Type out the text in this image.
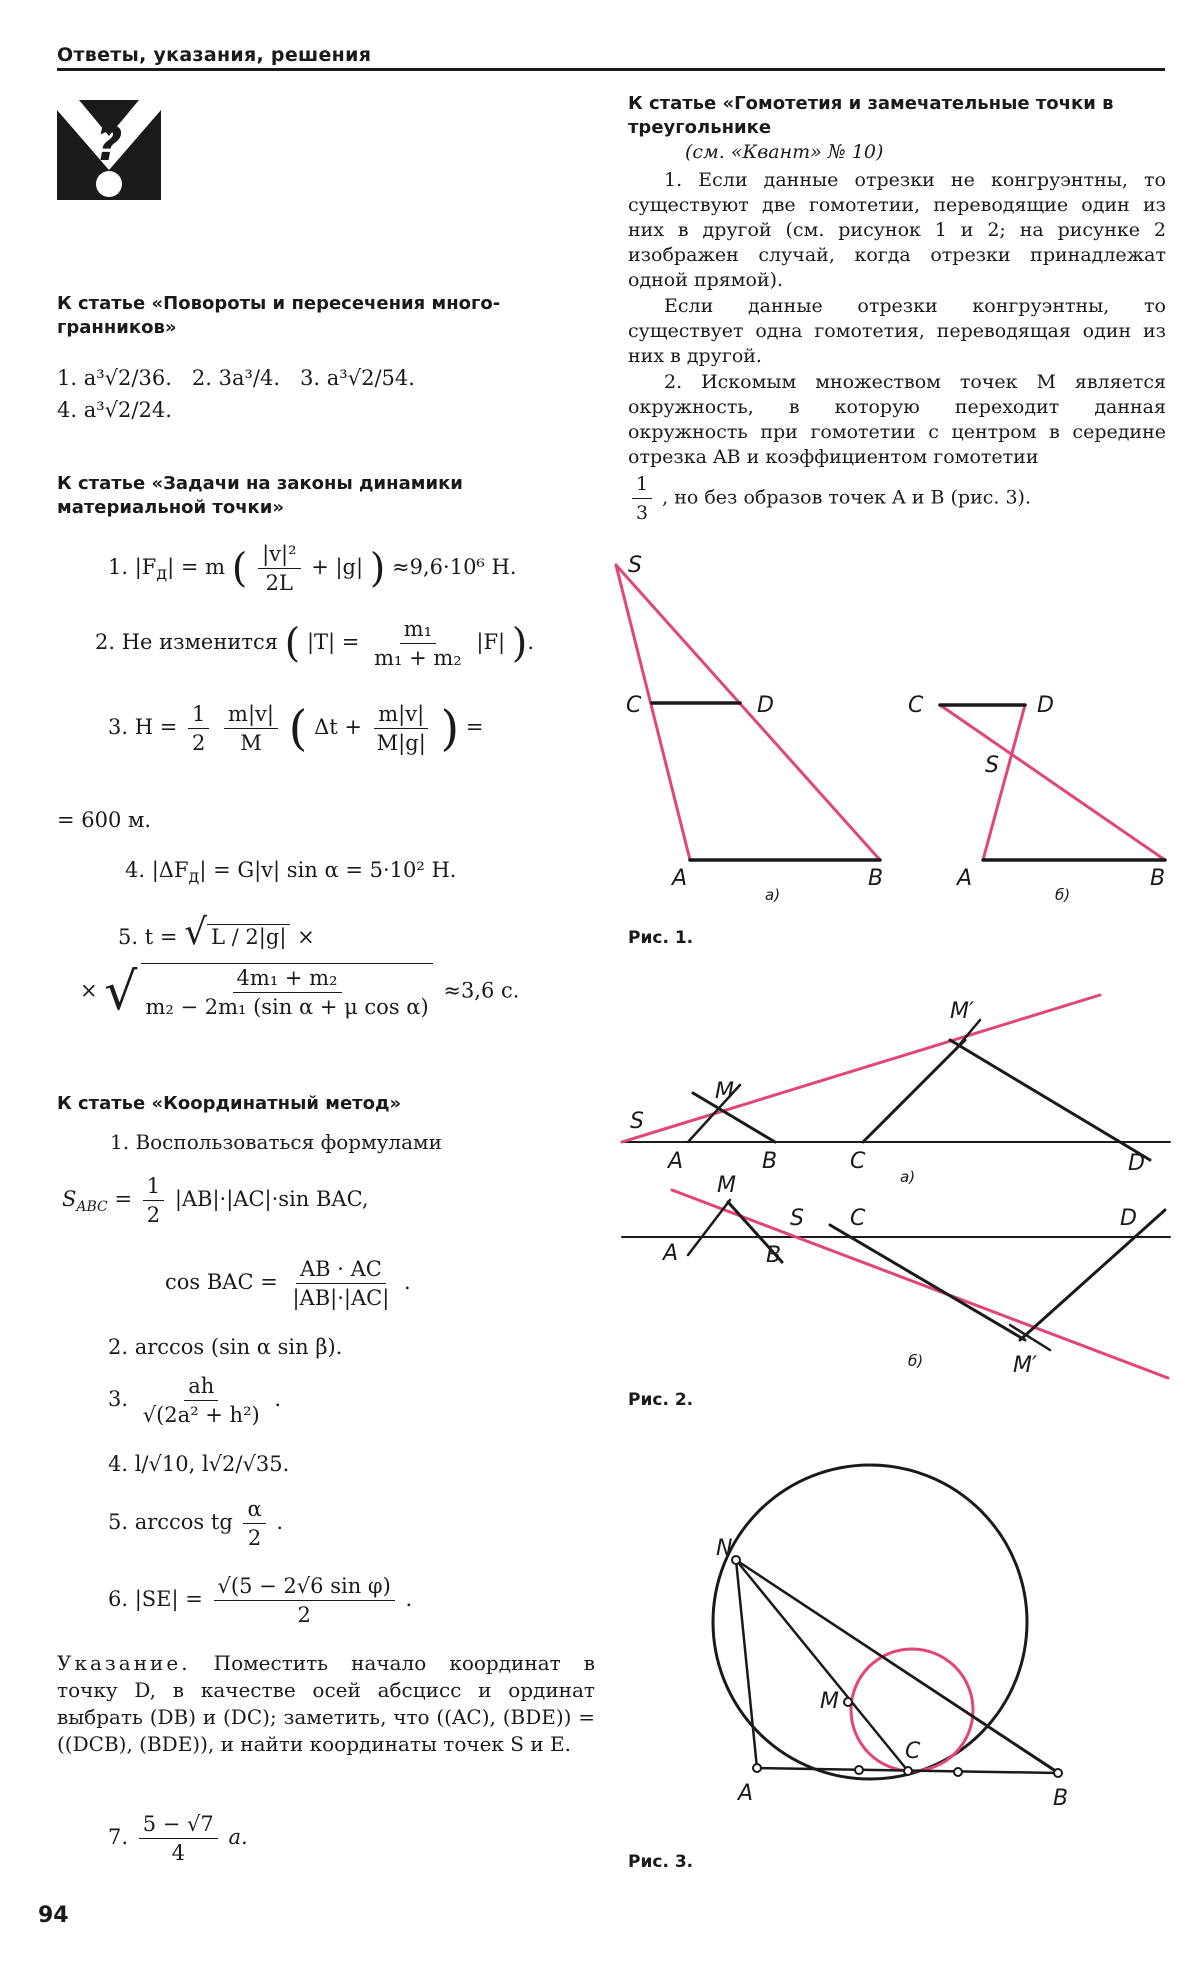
Ответы, указания, решения
?
К статье «Повороты и пересечения много-гранников»
1. a³√2/36. 2. 3a³/4. 3. a³√2/54.
4. a³√2/24.
К статье «Задачи на законы динамики материальной точки»
1. $|F_д| = m$ ( $\frac{\text{|v|²}}{2L} + |g|$ ) ≈9,6·10⁶ Н.
2. Не изменится ( $|T| = \frac{\text{m₁}}{\text{m₁ + m₂}} |F|$ ).
3. $H = \frac{1}{2}$
$\frac{m|v|}{M}$ ( $\Delta t + \frac{m|v|}{M|g|}$ ) =
= 600 м.
4. $|\Delta F_д| = G|v|$ sin α = 5·10² Н.
5. t = √ L / 2|g| ×
× √ $\frac{\text{4m₁ + m₂}}{\text{m₂ − 2m₁ (sin α + μ cos α)}} \approx 3,6$ с.
К статье «Координатный метод»
1. Воспользоваться формулами
$S_{ABC} = \frac{1}{2} |AB|\cdot|AC|\cdot\sin$ BAC,
cos BAC = $\frac{AB \cdot AC}{|AB|\cdot|AC|}$ .
2. arccos (sin α sin β).
3. $\frac{ah}{\text{√(2a² + h²)}}$ .
4. l/√10, l√2/√35.
5. arccos tg $\frac{\alpha}{2}$ .
6. $|SE| = \frac{\text{√(5 − 2√6 sin φ)}}{2}$ .
Указание. Поместить начало координат в точку D, в качестве осей абсцисс и ординат выбрать (DB) и (DC); заметить, что ((AC), (BDE)) = ((DCB), (BDE)), и найти координаты точек S и E.
7. $\frac{5 - √7}{4} a$.
94
К статье «Гомотетия и замечательные точки в треугольнике
(см. «Квант» № 10)
1. Если данные отрезки не конгруэнтны, то существуют две гомотетии, переводящие один из них в другой (см. рисунок 1 и 2; на рисунке 2 изображен случай, когда отрезки принадлежат одной прямой).
Если данные отрезки конгруэнтны, то существует одна гомотетия, переводящая один из них в другой.
2. Искомым множеством точек M является окружность, в которую переходит данная окружность при гомотетии с центром в середине отрезка AB и коэффициентом гомотетии
$\frac{1}{3}$ , но без образов точек A и B (рис. 3).
S
C	D
A	B
а)
C	D
S
A	B
б)
M′
M
S
A	B	C	D
а)
M
S C	D
A	B
б)	M′
N
M
C
A	B
Рис. 1.
Рис. 2.
Рис. 3.
